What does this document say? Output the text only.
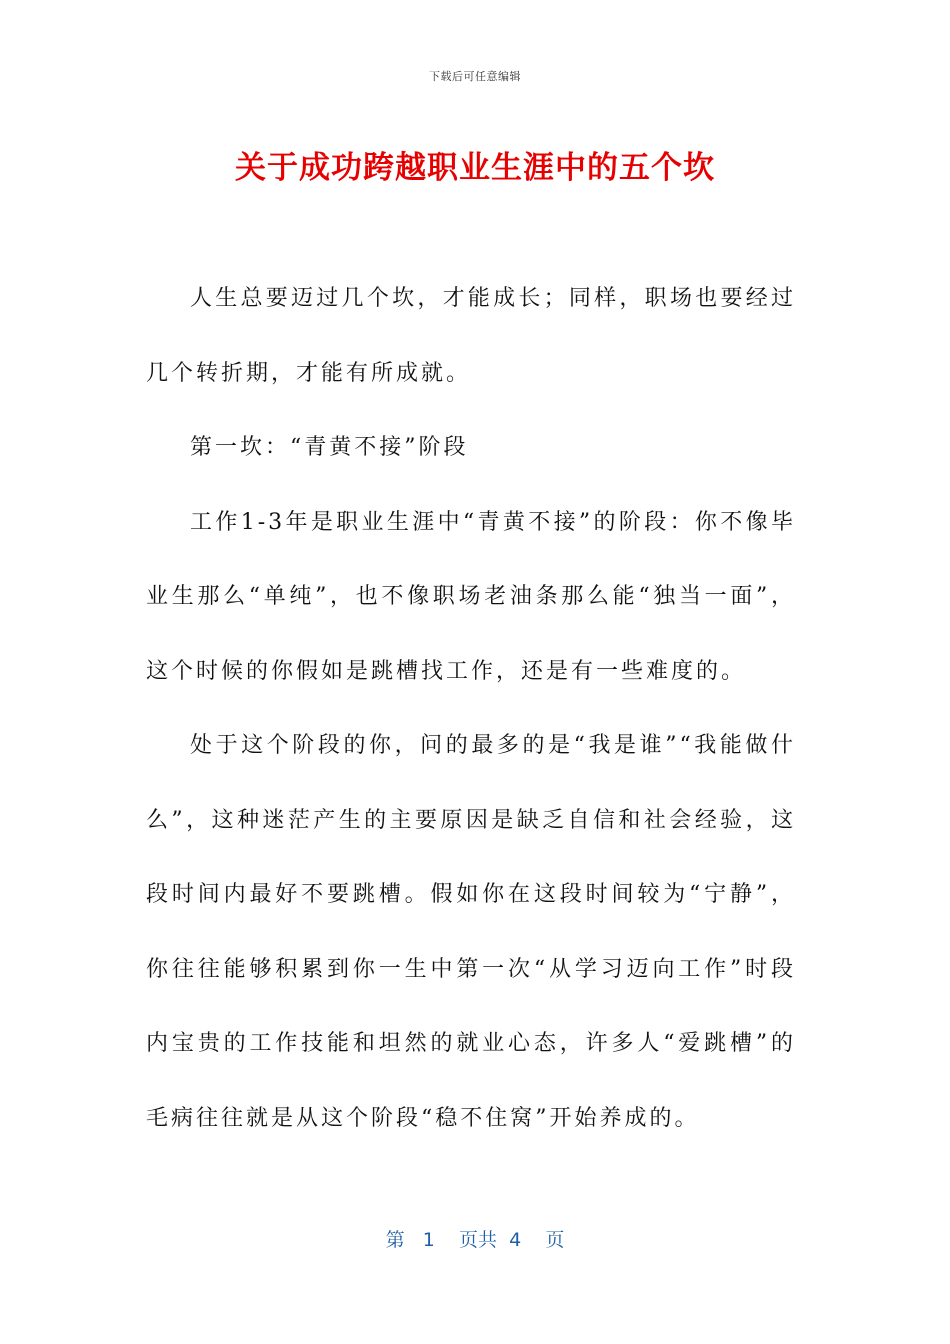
下载后可任意编辑
关于成功跨越职业生涯中的五个坎

人生总要迈过几个坎，才能成长；同样，职场也要经过几个转折期，才能有所成就。

第一坎：“青黄不接”阶段

工作1-3年是职业生涯中“青黄不接”的阶段：你不像毕业生那么“单纯”，也不像职场老油条那么能“独当一面”，这个时候的你假如是跳槽找工作，还是有一些难度的。

处于这个阶段的你，问的最多的是“我是谁”“我能做什么”，这种迷茫产生的主要原因是缺乏自信和社会经验，这段时间内最好不要跳槽。假如你在这段时间较为“宁静”，你往往能够积累到你一生中第一次“从学习迈向工作”时段内宝贵的工作技能和坦然的就业心态，许多人“爱跳槽”的毛病往往就是从这个阶段“稳不住窝”开始养成的。

第 1 页共 4 页
